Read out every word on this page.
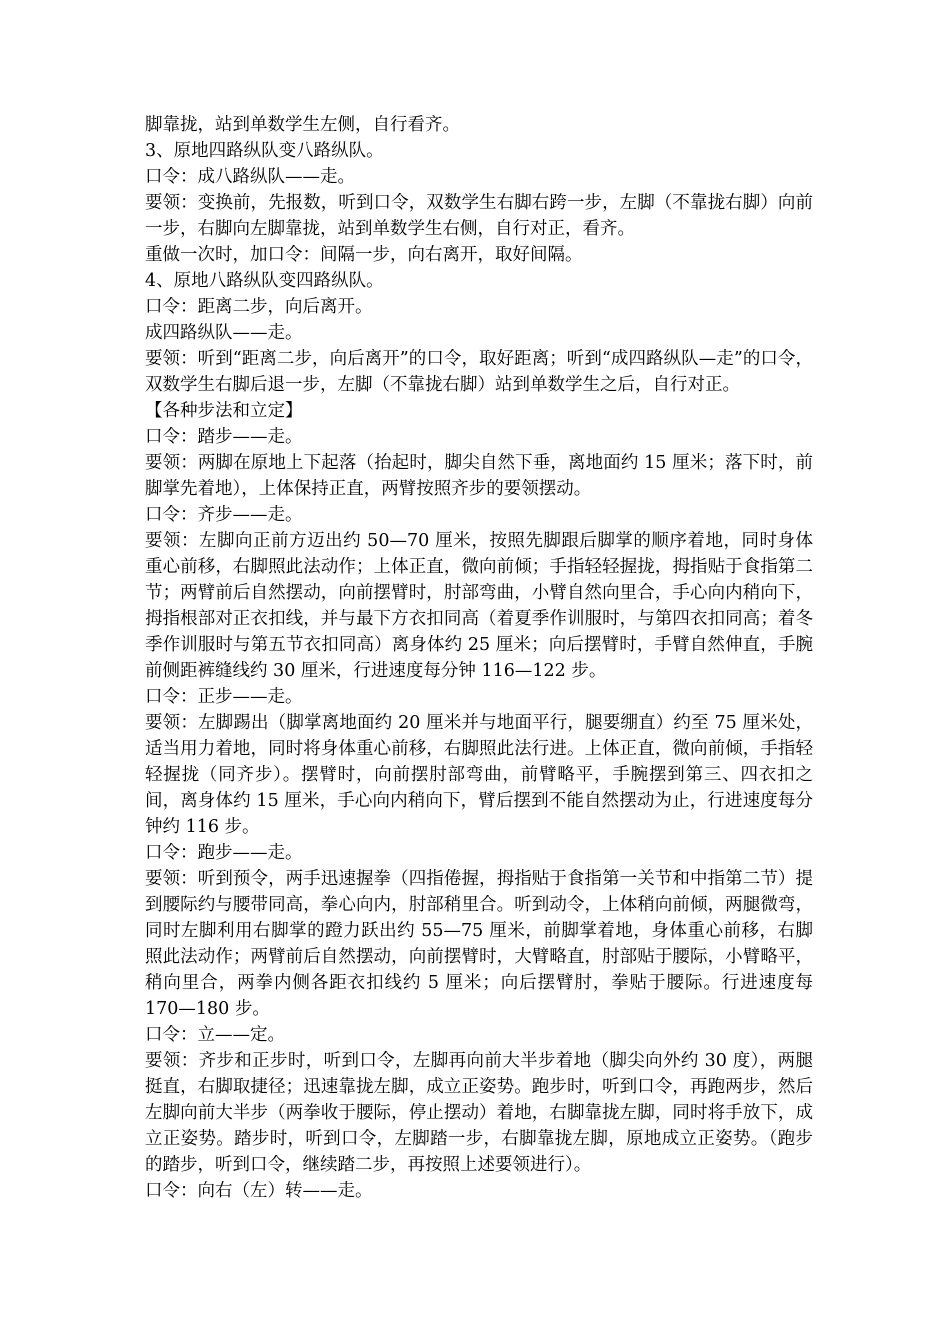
脚靠拢，站到单数学生左侧，自行看齐。

3、原地四路纵队变八路纵队。

口令：成八路纵队——走。

要领：变换前，先报数，听到口令，双数学生右脚右跨一步，左脚（不靠拢右脚）向前一步，右脚向左脚靠拢，站到单数学生右侧，自行对正，看齐。

重做一次时，加口令：间隔一步，向右离开，取好间隔。

4、原地八路纵队变四路纵队。

口令：距离二步，向后离开。

成四路纵队——走。

要领：听到“距离二步，向后离开”的口令，取好距离；听到“成四路纵队—走”的口令，双数学生右脚后退一步，左脚（不靠拢右脚）站到单数学生之后，自行对正。

【各种步法和立定】

口令：踏步——走。

要领：两脚在原地上下起落（抬起时，脚尖自然下垂，离地面约 15 厘米；落下时，前脚掌先着地），上体保持正直，两臂按照齐步的要领摆动。

口令：齐步——走。

要领：左脚向正前方迈出约 50—70 厘米，按照先脚跟后脚掌的顺序着地，同时身体重心前移，右脚照此法动作；上体正直，微向前倾；手指轻轻握拢，拇指贴于食指第二节；两臂前后自然摆动，向前摆臂时，肘部弯曲，小臂自然向里合，手心向内稍向下，拇指根部对正衣扣线，并与最下方衣扣同高（着夏季作训服时，与第四衣扣同高；着冬季作训服时与第五节衣扣同高）离身体约 25 厘米；向后摆臂时，手臂自然伸直，手腕前侧距裤缝线约 30 厘米，行进速度每分钟 116—122 步。

口令：正步——走。

要领：左脚踢出（脚掌离地面约 20 厘米并与地面平行，腿要绷直）约至 75 厘米处，适当用力着地，同时将身体重心前移，右脚照此法行进。上体正直，微向前倾，手指轻轻握拢（同齐步）。摆臂时，向前摆肘部弯曲，前臂略平，手腕摆到第三、四衣扣之间，离身体约 15 厘米，手心向内稍向下，臂后摆到不能自然摆动为止，行进速度每分钟约 116 步。

口令：跑步——走。

要领：听到预令，两手迅速握拳（四指倦握，拇指贴于食指第一关节和中指第二节）提到腰际约与腰带同高，拳心向内，肘部稍里合。听到动令，上体稍向前倾，两腿微弯，同时左脚利用右脚掌的蹬力跃出约 55—75 厘米，前脚掌着地，身体重心前移，右脚照此法动作；两臂前后自然摆动，向前摆臂时，大臂略直，肘部贴于腰际，小臂略平，稍向里合，两拳内侧各距衣扣线约 5 厘米；向后摆臂肘，拳贴于腰际。行进速度每 170—180 步。

口令：立——定。

要领：齐步和正步时，听到口令，左脚再向前大半步着地（脚尖向外约 30 度），两腿挺直，右脚取捷径；迅速靠拢左脚，成立正姿势。跑步时，听到口令，再跑两步，然后左脚向前大半步（两拳收于腰际，停止摆动）着地，右脚靠拢左脚，同时将手放下，成立正姿势。踏步时，听到口令，左脚踏一步，右脚靠拢左脚，原地成立正姿势。（跑步的踏步，听到口令，继续踏二步，再按照上述要领进行）。

口令：向右（左）转——走。
